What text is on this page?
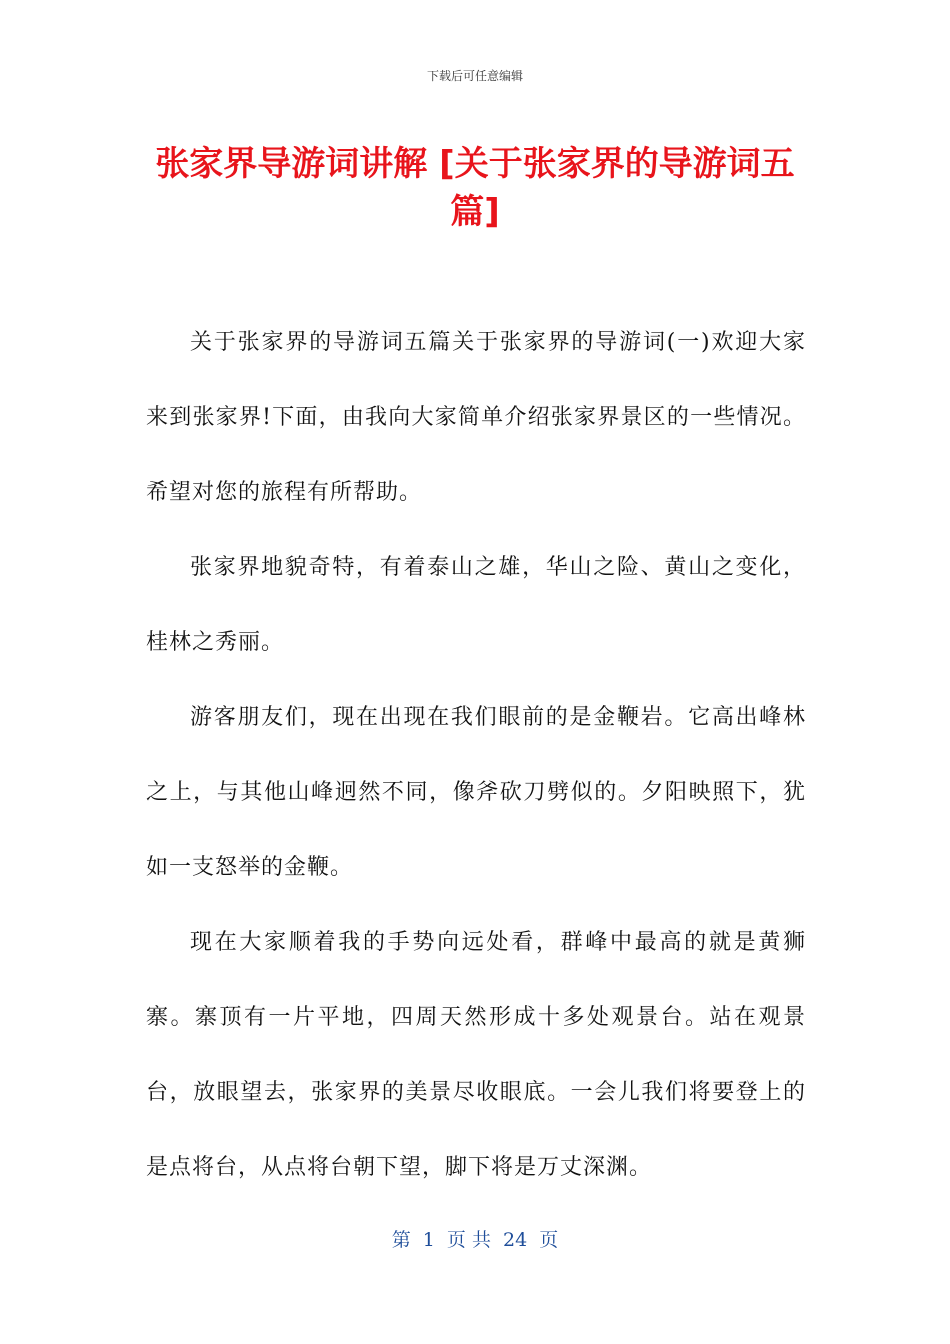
下载后可任意编辑
张家界导游词讲解 [关于张家界的导游词五篇]

关于张家界的导游词五篇关于张家界的导游词(一)欢迎大家来到张家界!下面，由我向大家简单介绍张家界景区的一些情况。希望对您的旅程有所帮助。

张家界地貌奇特，有着泰山之雄，华山之险、黄山之变化，桂林之秀丽。

游客朋友们，现在出现在我们眼前的是金鞭岩。它高出峰林之上，与其他山峰迥然不同，像斧砍刀劈似的。夕阳映照下，犹如一支怒举的金鞭。

现在大家顺着我的手势向远处看，群峰中最高的就是黄狮寨。寨顶有一片平地，四周天然形成十多处观景台。站在观景台，放眼望去，张家界的美景尽收眼底。一会儿我们将要登上的是点将台，从点将台朝下望，脚下将是万丈深渊。

第  1  页 共  24  页
